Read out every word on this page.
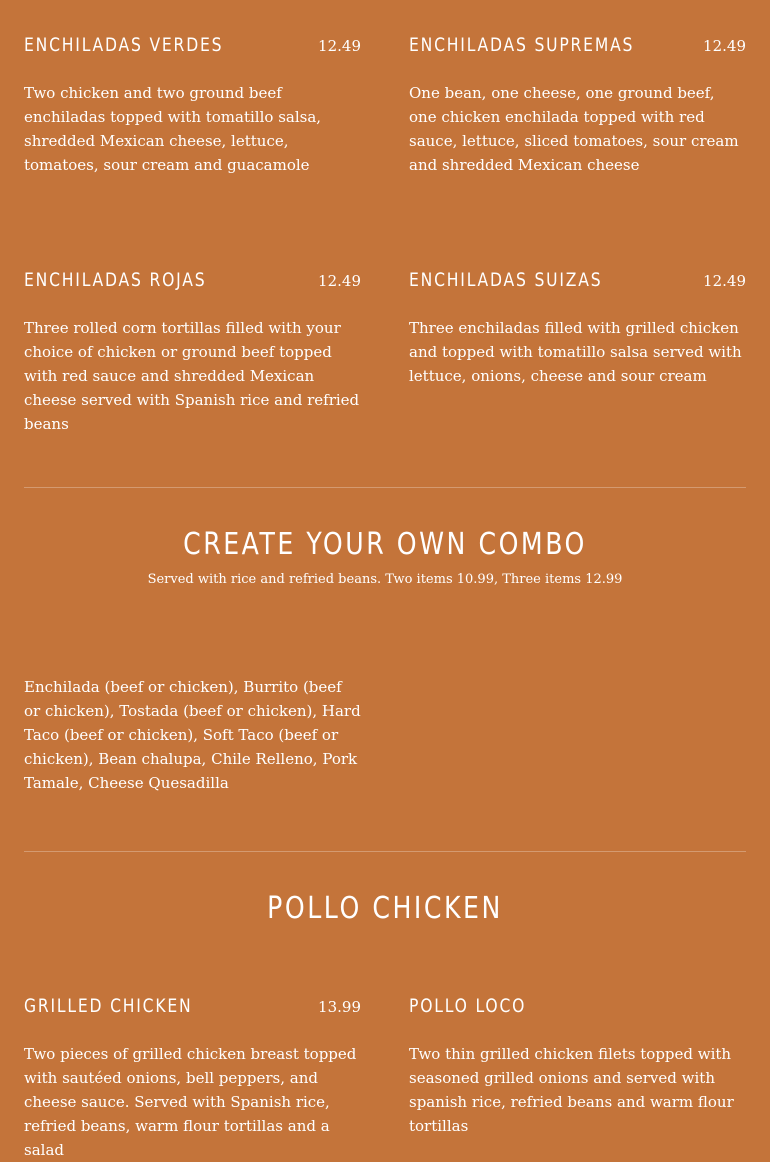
ENCHILADAS VERDES	12.49

Two chicken and two ground beef enchiladas topped with tomatillo salsa, shredded Mexican cheese, lettuce, tomatoes, sour cream and guacamole

ENCHILADAS SUPREMAS	12.49

One bean, one cheese, one ground beef, one chicken enchilada topped with red sauce, lettuce, sliced tomatoes, sour cream and shredded Mexican cheese

ENCHILADAS ROJAS	12.49

Three rolled corn tortillas filled with your choice of chicken or ground beef topped with red sauce and shredded Mexican cheese served with Spanish rice and refried beans

ENCHILADAS SUIZAS	12.49

Three enchiladas filled with grilled chicken and topped with tomatillo salsa served with lettuce, onions, cheese and sour cream

CREATE YOUR OWN COMBO
Served with rice and refried beans. Two items 10.99, Three items 12.99

Enchilada (beef or chicken), Burrito (beef or chicken), Tostada (beef or chicken), Hard Taco (beef or chicken), Soft Taco (beef or chicken), Bean chalupa, Chile Relleno, Pork Tamale, Cheese Quesadilla

POLLO CHICKEN
GRILLED CHICKEN	13.99

Two pieces of grilled chicken breast topped with sautéed onions, bell peppers, and cheese sauce. Served with Spanish rice, refried beans, warm flour tortillas and a salad

POLLO LOCO

Two thin grilled chicken filets topped with seasoned grilled onions and served with spanish rice, refried beans and warm flour tortillas
